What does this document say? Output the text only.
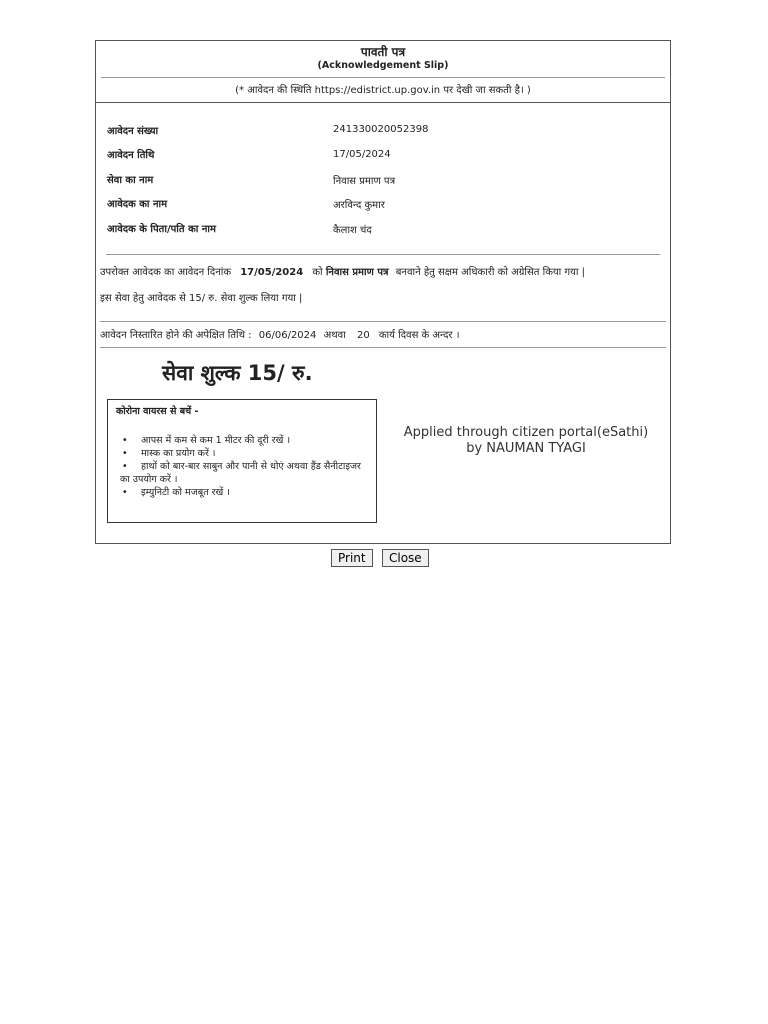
पावती पत्र
(Acknowledgement Slip)
(* आवेदन की स्थिति https://edistrict.up.gov.in पर देखी जा सकती है। )
आवेदन संख्या	241330020052398
आवेदन तिथि	17/05/2024
सेवा का नाम	निवास प्रमाण पत्र
आवेदक का नाम	अरविन्द कुमार
आवेदक के पिता/पति का नाम	कैलाश चंद
उपरोक्त आवेदक का आवेदन दिनांक 17/05/2024 को निवास प्रमाण पत्र बनवाने हेतु सक्षम अधिकारी को अग्रेसित किया गया |
इस सेवा हेतु आवेदक से 15/ रु. सेवा शुल्क लिया गया |
आवेदन निस्तारित होने की अपेक्षित तिथि : 06/06/2024 अथवा 20 कार्य दिवस के अन्दर ।
सेवा शुल्क 15/ रु.
कोरोना वायरस से बचें -
• आपस में कम से कम 1 मीटर की दूरी रखें ।
• मास्क का प्रयोग करें ।
• हाथों को बार-बार साबुन और पानी से धोएं अथवा हैंड सैनीटाइजर का उपयोग करें ।
• इम्युनिटी को मजबूत रखें ।
Applied through citizen portal(eSathi)
by NAUMAN TYAGI
Print	Close
